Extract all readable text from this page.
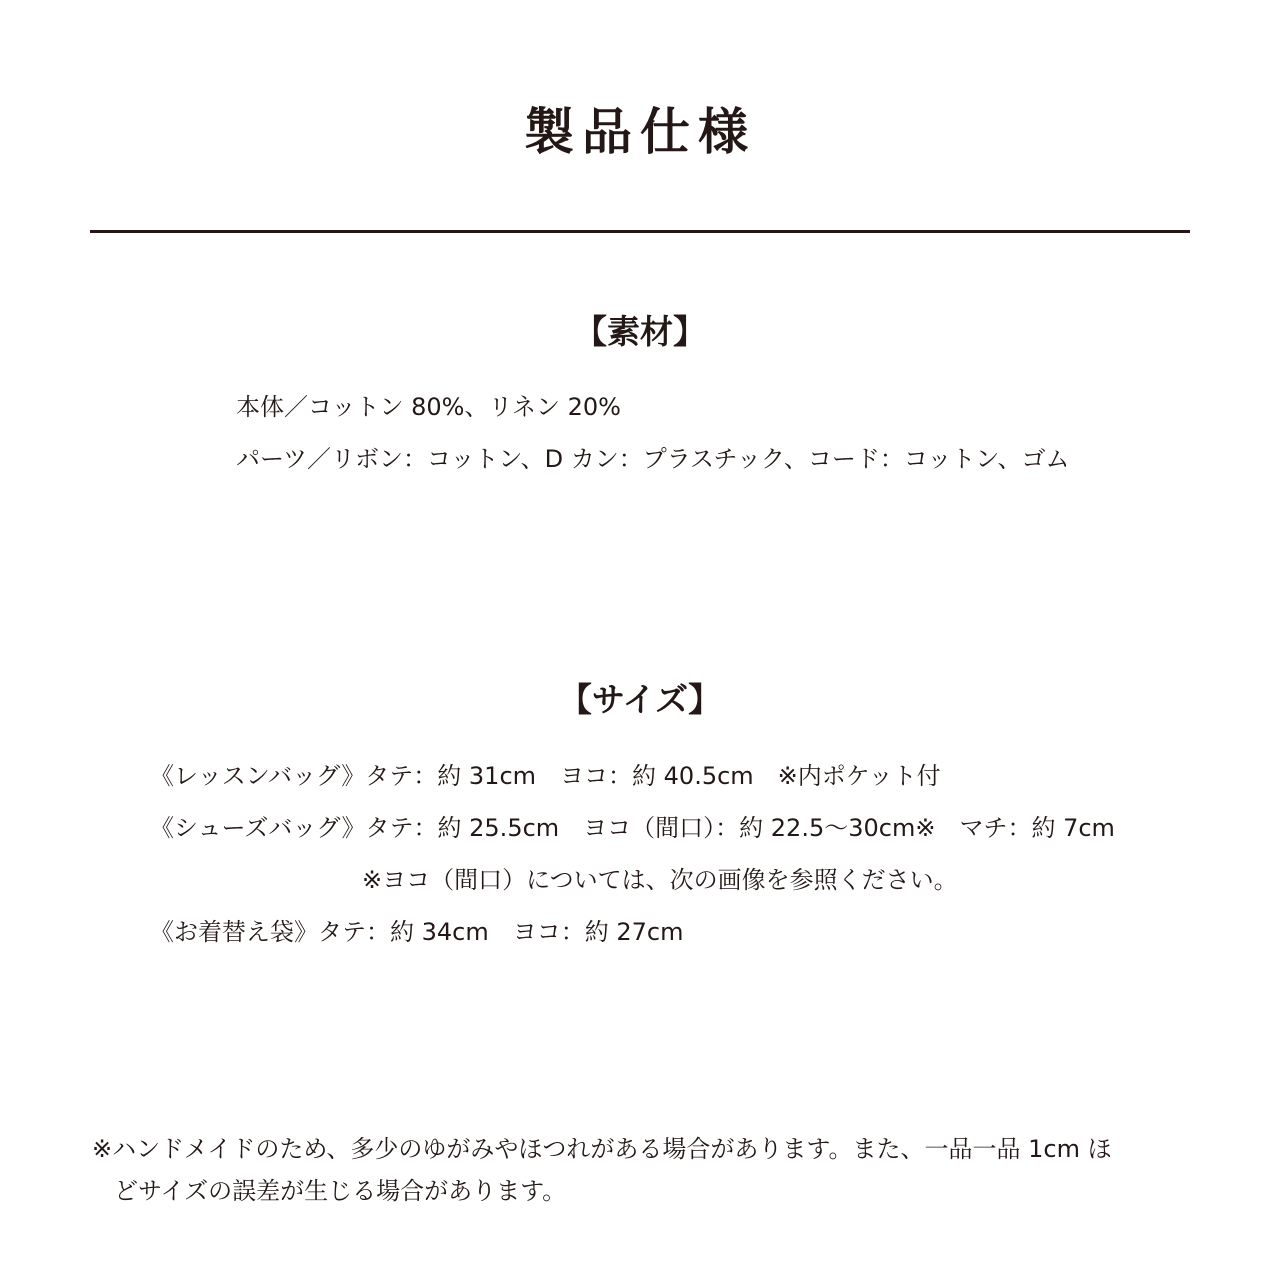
製品仕様
【素材】

本体／コットン 80%、リネン 20%

パーツ／リボン：コットン、D カン：プラスチック、コード：コットン、ゴム

【サイズ】

《レッスンバッグ》タテ：約 31cm　ヨコ：約 40.5cm　※内ポケット付

《シューズバッグ》タテ：約 25.5cm　ヨコ（間口）：約 22.5〜30cm※　マチ：約 7cm

※ヨコ（間口）については、次の画像を参照ください。

《お着替え袋》タテ：約 34cm　ヨコ：約 27cm

※ハンドメイドのため、多少のゆがみやほつれがある場合があります。また、一品一品 1cm ほ
どサイズの誤差が生じる場合があります。
